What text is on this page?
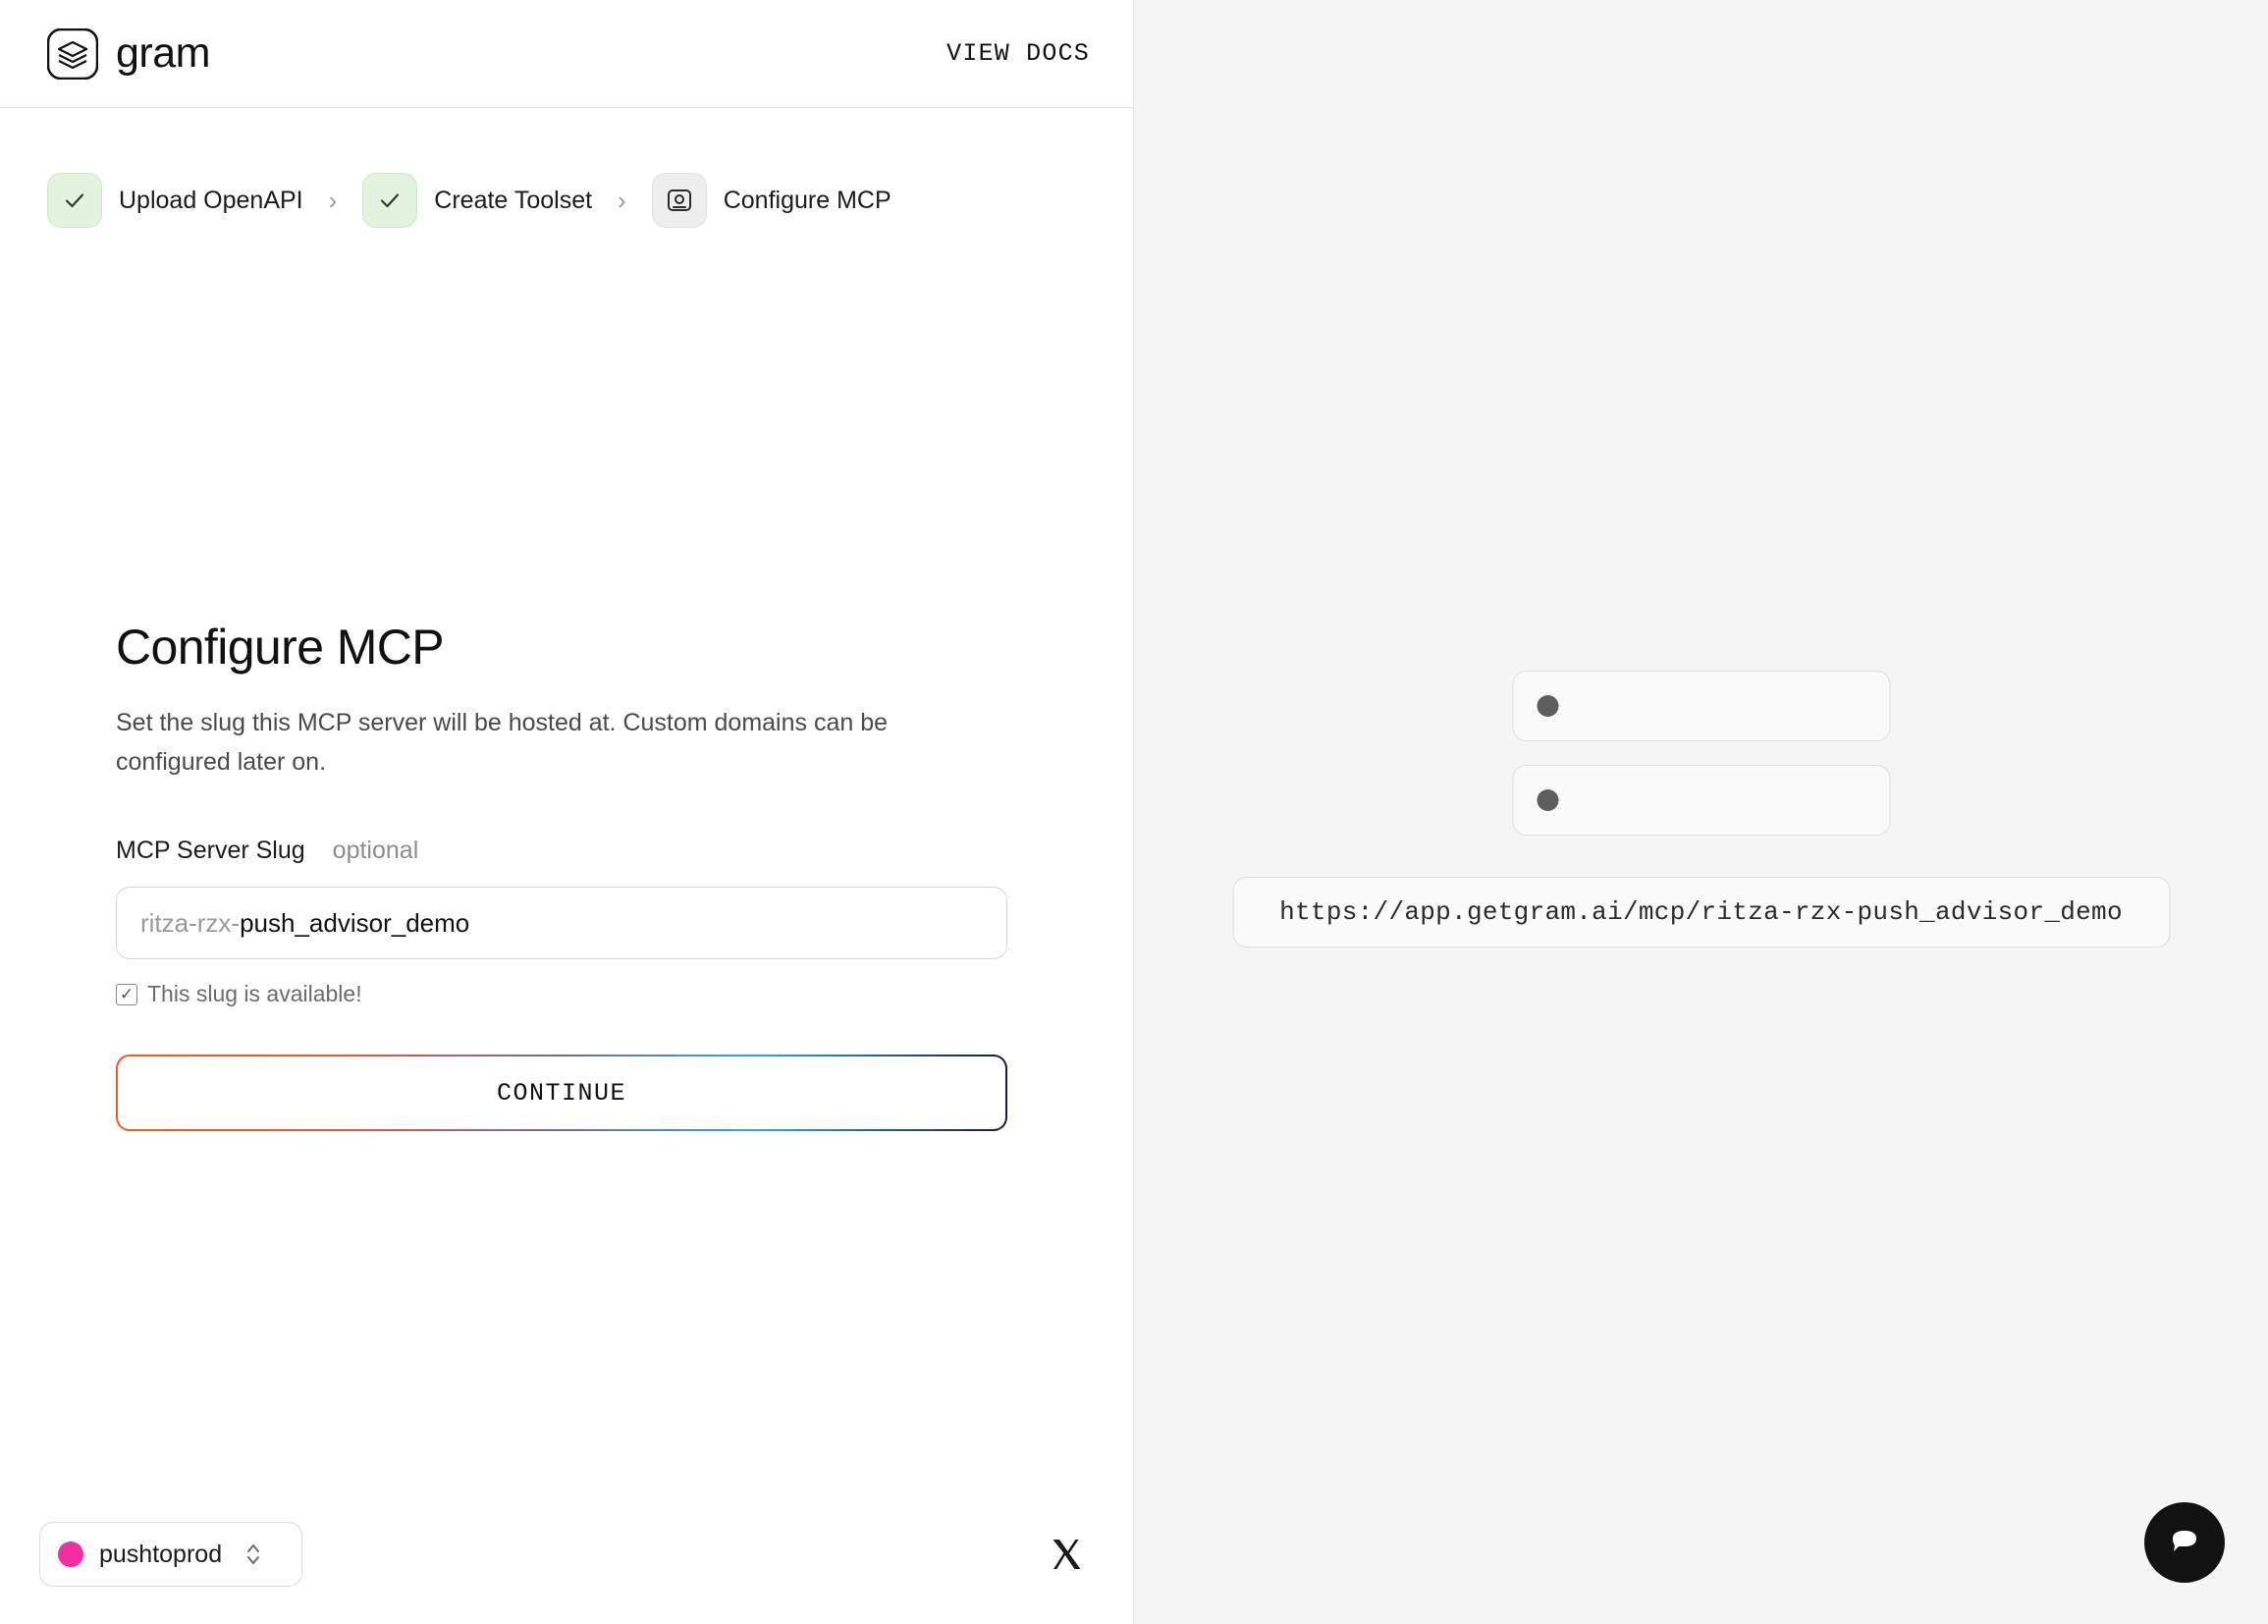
gram	VIEW DOCS
Upload OpenAPI ›	Create Toolset ›	Configure MCP
Configure MCP

Set the slug this MCP server will be hosted at. Custom domains can be configured later on.

MCP Server Slug optional
ritza-rzx- push_advisor_demo
✓ This slug is available!
CONTINUE
pushtoprod
https://app.getgram.ai/mcp/ritza-rzx-push_advisor_demo
